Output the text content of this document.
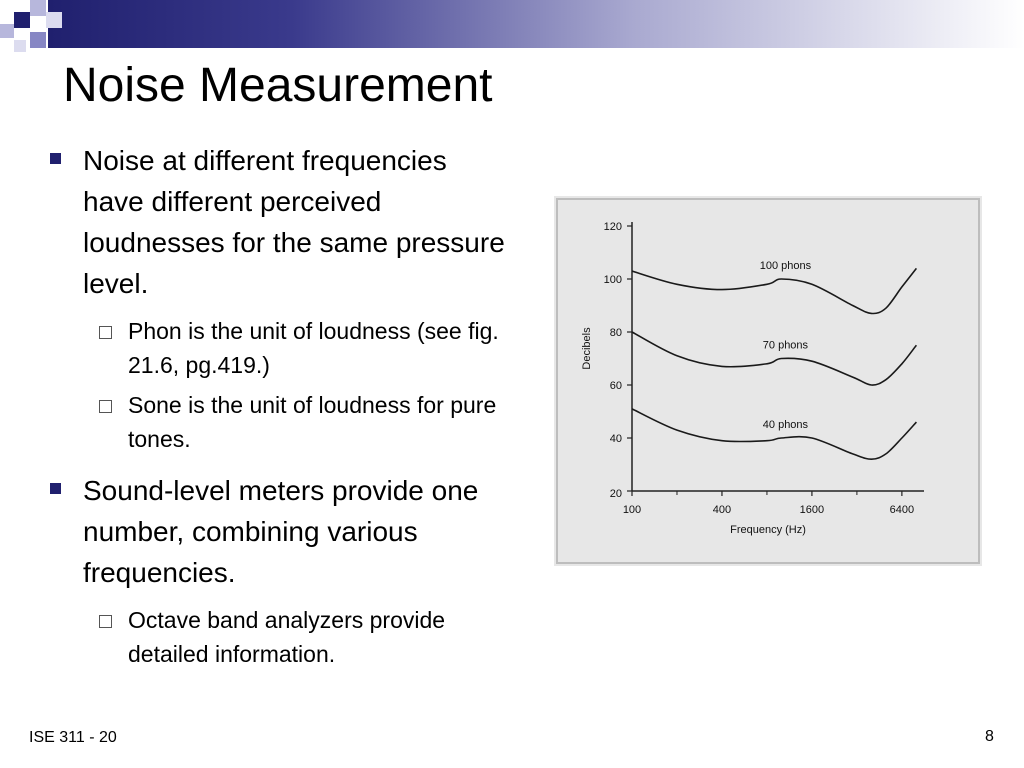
Noise Measurement
Noise at different frequencies have different perceived loudnesses for the same pressure level.
Phon is the unit of loudness (see fig. 21.6, pg.419.)
Sone is the unit of loudness for pure tones.
Sound-level meters provide one number, combining various frequencies.
Octave band analyzers provide detailed information.
20
40
60
80
100
120
100	400	1600	6400
Frequency (Hz)
Decibels
100 phons
70 phons
40 phons
ISE 311 - 20	8
